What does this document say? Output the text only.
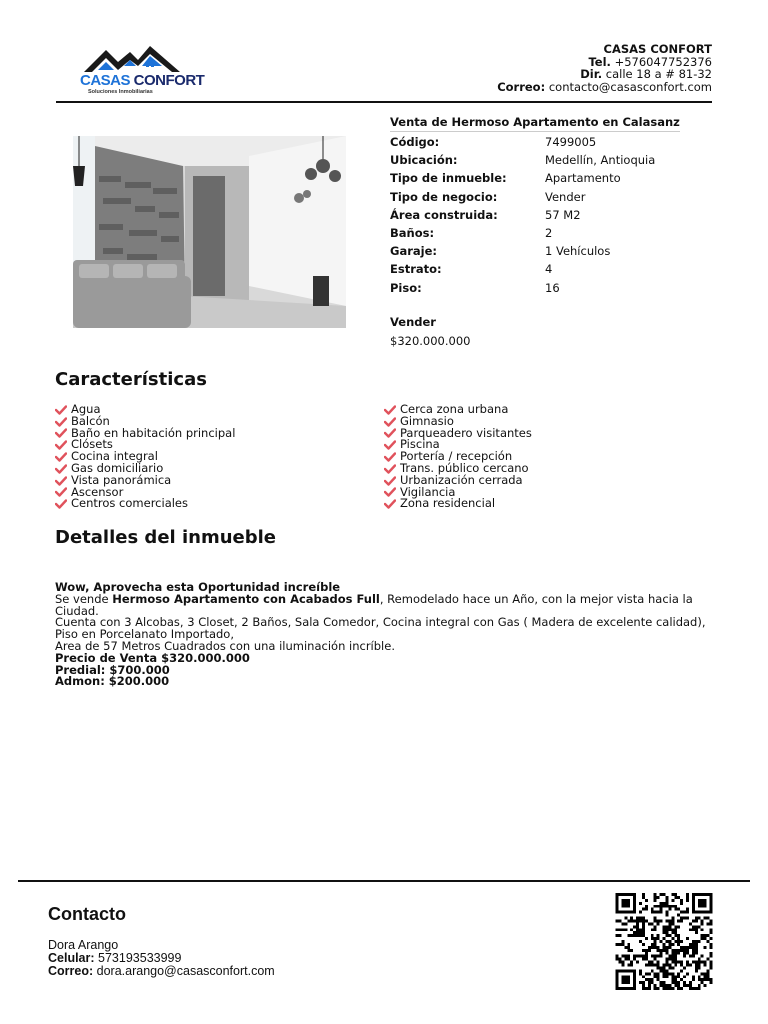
CASAS CONFORT
Soluciones Inmobiliarias
CASAS CONFORT
Tel. +576047752376
Dir. calle 18 a # 81-32
Correo: contacto@casasconfort.com
Venta de Hermoso Apartamento en Calasanz
Código:	7499005
Ubicación:	Medellín, Antioquia
Tipo de inmueble:	Apartamento
Tipo de negocio:	Vender
Área construida:	57 M2
Baños:	2
Garaje:	1 Vehículos
Estrato:	4
Piso:	16
Vender
$320.000.000
Características
Agua
Balcón
Baño en habitación principal
Clósets
Cocina integral
Gas domiciliario
Vista panorámica
Ascensor
Centros comerciales
Cerca zona urbana
Gimnasio
Parqueadero visitantes
Piscina
Portería / recepción
Trans. público cercano
Urbanización cerrada
Vigilancia
Zona residencial
Detalles del inmueble

Wow, Aprovecha esta Oportunidad increíble

Se vende Hermoso Apartamento con Acabados Full, Remodelado hace un Año, con la mejor vista hacia la Ciudad.

Cuenta con 3 Alcobas, 3 Closet, 2 Baños, Sala Comedor, Cocina integral con Gas ( Madera de excelente calidad), Piso en Porcelanato Importado,

Area de 57 Metros Cuadrados con una iluminación incríble.

Precio de Venta $320.000.000

Predial: $700.000

Admon: $200.000

Contacto
Dora Arango
Celular: 573193533999
Correo: dora.arango@casasconfort.com
